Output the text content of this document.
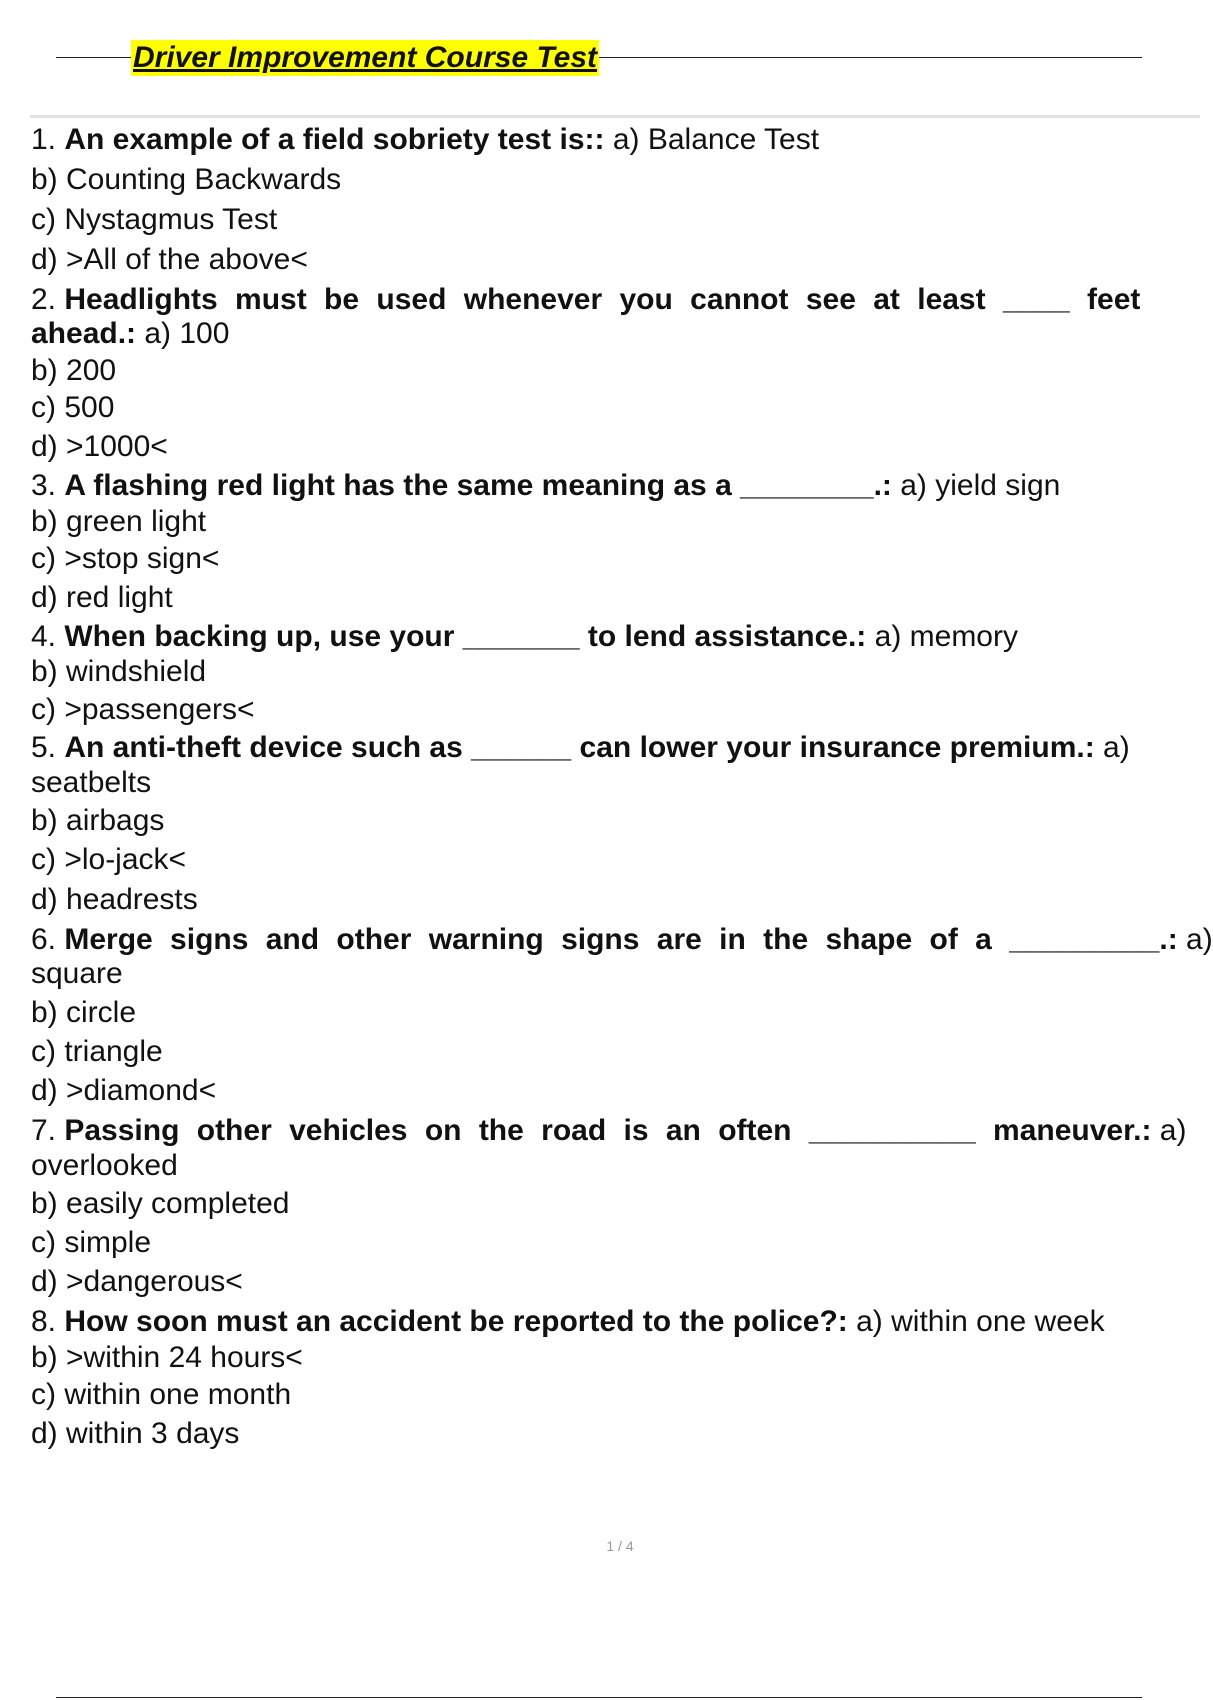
Driver Improvement Course Test
1. An example of a field sobriety test is:: a) Balance Test
b) Counting Backwards
c) Nystagmus Test
d) >All of the above<
2. Headlights must be used whenever you cannot see at least ____ feet
ahead.: a) 100
b) 200
c) 500
d) >1000<
3. A flashing red light has the same meaning as a ________.: a) yield sign
b) green light
c) >stop sign<
d) red light
4. When backing up, use your _______ to lend assistance.: a) memory
b) windshield
c) >passengers<
5. An anti-theft device such as ______ can lower your insurance premium.: a)
seatbelts
b) airbags
c) >lo-jack<
d) headrests
6. Merge signs and other warning signs are in the shape of a _________.: a)
square
b) circle
c) triangle
d) >diamond<
7. Passing other vehicles on the road is an often __________ maneuver.: a)
overlooked
b) easily completed
c) simple
d) >dangerous<
8. How soon must an accident be reported to the police?: a) within one week
b) >within 24 hours<
c) within one month
d) within 3 days
1 / 4
